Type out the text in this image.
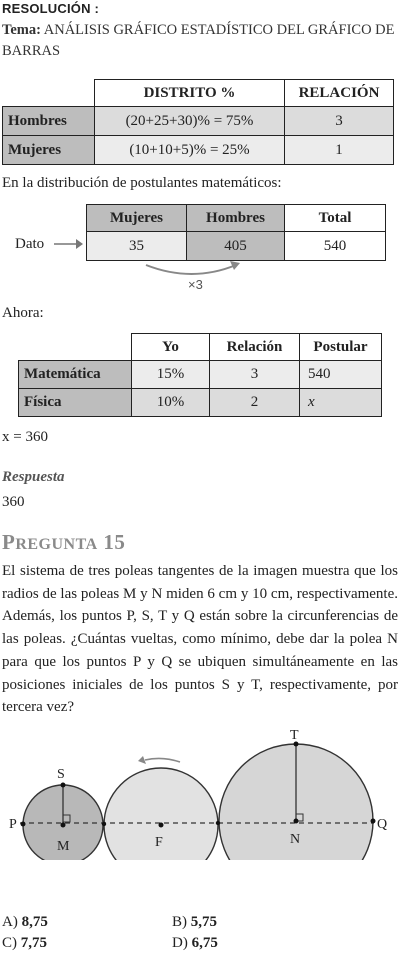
RESOLUCIÓN :
Tema: ANÁLISIS GRÁFICO ESTADÍSTICO DEL GRÁFICO DE BARRAS
	DISTRITO %	RELACIÓN
Hombres	(20+25+30)% = 75%	3
Mujeres	(10+10+5)% = 25%	1
En la distribución de postulantes matemáticos:
Dato
Mujeres	Hombres	Total
35	405	540
×3
Ahora:
	Yo	Relación	Postular
Matemática	15%	3	540
Física	10%	2	x
x = 360
Respuesta
360
PREGUNTA 15
El sistema de tres poleas tangentes de la imagen muestra que los radios de las poleas M y N miden 6 cm y 10 cm, respectivamente. Además, los puntos P, S, T y Q están sobre la circunferencias de las poleas. ¿Cuántas vueltas, como mínimo, debe dar la polea N para que los puntos P y Q se ubiquen simultáneamente en las posiciones iniciales de los puntos S y T, respectivamente, por tercera vez?
S
T
P	Q
M	F	N
A) 8,75	B) 5,75
C) 7,75	D) 6,75
